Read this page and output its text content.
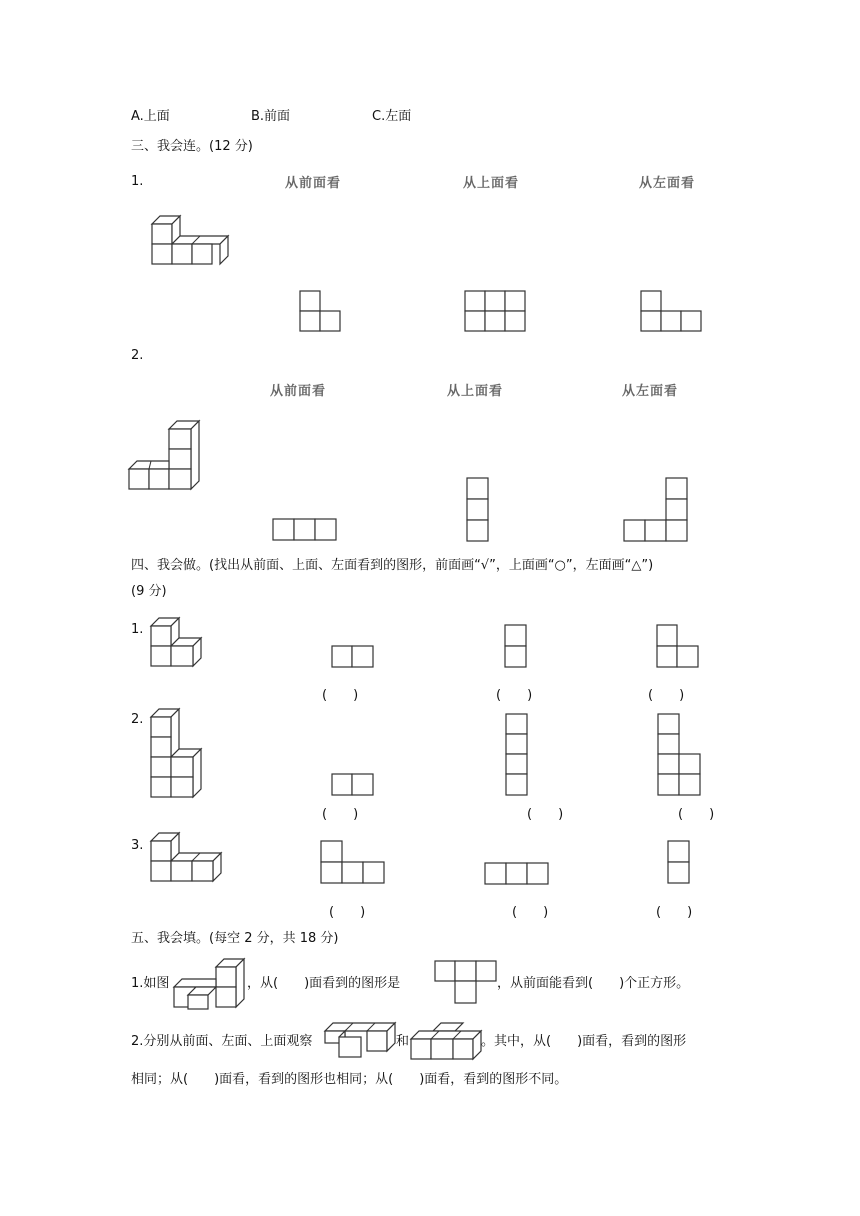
A.上面	B.前面	C.左面
三、我会连。(12 分)
1.	从前面看	从上面看	从左面看
2.
从前面看	从上面看	从左面看
四、我会做。(找出从前面、上面、左面看到的图形，前面画“√”，上面画“○”，左面画“△”)
(9 分)
1.
(　　)	(　　)	(　　)
2.
(　　)	(　　)	(　　)
3.
(　　)	(　　)	(　　)
五、我会填。(每空 2 分，共 18 分)
1.如图	，从(　　)面看到的图形是	，从前面能看到(　　)个正方形。
2.分别从前面、左面、上面观察	和	。其中，从(　　)面看，看到的图形
相同；从(　　)面看，看到的图形也相同；从(　　)面看，看到的图形不同。
